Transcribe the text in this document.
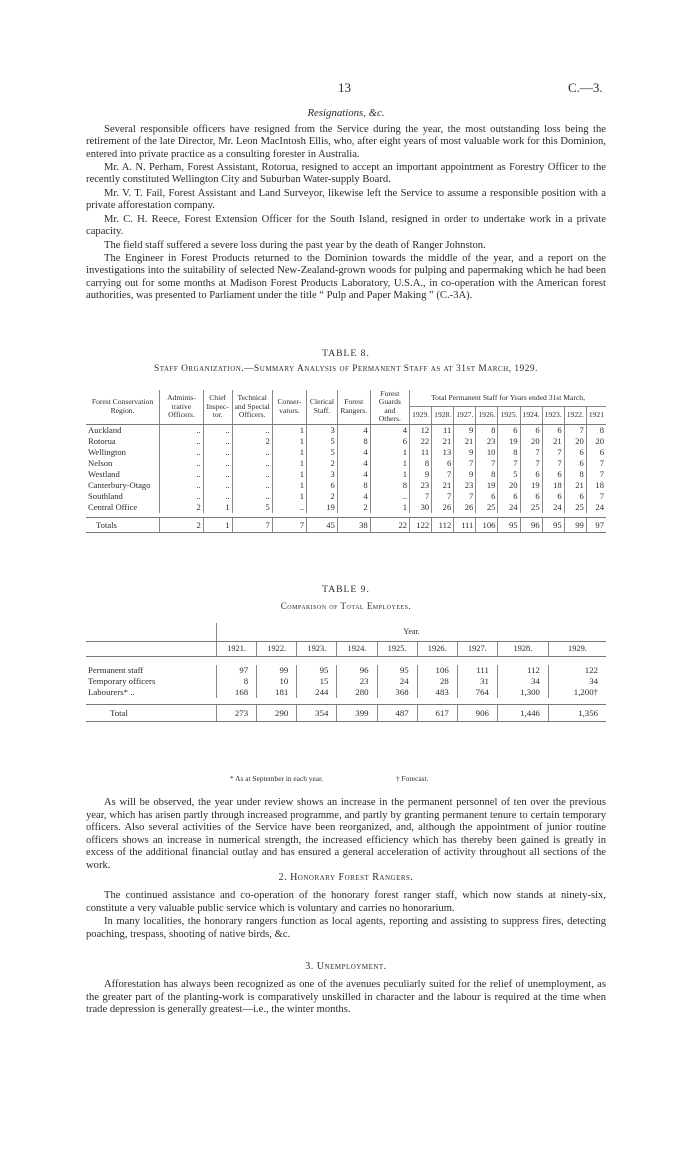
13	C.—3.
Resignations, &c.
Several responsible officers have resigned from the Service during the year, the most outstanding loss being the retirement of the late Director, Mr. Leon MacIntosh Ellis, who, after eight years of most valuable work for this Dominion, entered into private practice as a consulting forester in Australia.
Mr. A. N. Perham, Forest Assistant, Rotorua, resigned to accept an important appointment as Forestry Officer to the recently constituted Wellington City and Suburban Water-supply Board.
Mr. V. T. Fail, Forest Assistant and Land Surveyor, likewise left the Service to assume a responsible position with a private afforestation company.
Mr. C. H. Reece, Forest Extension Officer for the South Island, resigned in order to undertake work in a private capacity.
The field staff suffered a severe loss during the past year by the death of Ranger Johnston.
The Engineer in Forest Products returned to the Dominion towards the middle of the year, and a report on the investigations into the suitability of selected New-Zealand-grown woods for pulping and papermaking which he had been carrying out for some months at Madison Forest Products Laboratory, U.S.A., in co-operation with the American forest authorities, was presented to Parliament under the title “ Pulp and Paper Making ” (C.-3A).
TABLE 8.
Staff Organization.—Summary Analysis of Permanent Staff as at 31st March, 1929.
Forest Conservation Region.	Adminis-trative Officers.	Chief Inspec-tor.	Technical and Special Officers.	Conser-vators.	Clerical Staff.	Forest Rangers.	Forest Guards and Others.	Total Permanent Staff for Years ended 31st March,								
								1929.	1928.	1927.	1926.	1925.	1924.	1923.	1922.	1921
Auckland	..	..	..	1	3	4	4	12	11	9	8	6	6	6	7	8
Rotorua	..	..	2	1	5	8	6	22	21	21	23	19	20	21	20	20
Wellington	..	..	..	1	5	4	1	11	13	9	10	8	7	7	6	6
Nelson	..	..	..	1	2	4	1	8	6	7	7	7	7	7	6	7
Westland	..	..	..	1	3	4	1	9	7	9	8	5	6	6	8	7
Canterbury-Otago	..	..	..	1	6	8	8	23	21	23	19	20	19	18	21	18
Southland	..	..	..	1	2	4	..	7	7	7	6	6	6	6	6	7
Central Office	2	1	5	..	19	2	1	30	26	26	25	24	25	24	25	24

Totals	2	1	7	7	45	38	22	122	112	111	106	95	96	95	99	97
TABLE 9.
Comparison of Total Employees.
	Year.								
	1921.	1922.	1923.	1924.	1925.	1926.	1927.	1928.	1929.

Permanent staff	97	99	95	96	95	106	111	112	122
Temporary officers	8	10	15	23	24	28	31	34	34
Labourers* ..	168	181	244	280	368	483	764	1,300	1,200†

Total	273	290	354	399	487	617	906	1,446	1,356
* As at September in each year.	† Forecast.
As will be observed, the year under review shows an increase in the permanent personnel of ten over the previous year, which has arisen partly through increased programme, and partly by granting permanent tenure to certain temporary officers. Also several activities of the Service have been reorganized, and, although the appointment of junior routine officers shows an increase in numerical strength, the increased efficiency which has thereby been gained is greatly in excess of the additional financial outlay and has ensured a general acceleration of activity throughout all sections of the work.
2. Honorary Forest Rangers.
The continued assistance and co-operation of the honorary forest ranger staff, which now stands at ninety-six, constitute a very valuable public service which is voluntary and carries no honorarium.
In many localities, the honorary rangers function as local agents, reporting and assisting to suppress fires, detecting poaching, trespass, shooting of native birds, &c.
3. Unemployment.
Afforestation has always been recognized as one of the avenues peculiarly suited for the relief of unemployment, as the greater part of the planting-work is comparatively unskilled in character and the labour is required at the time when trade depression is generally greatest—i.e., the winter months.
